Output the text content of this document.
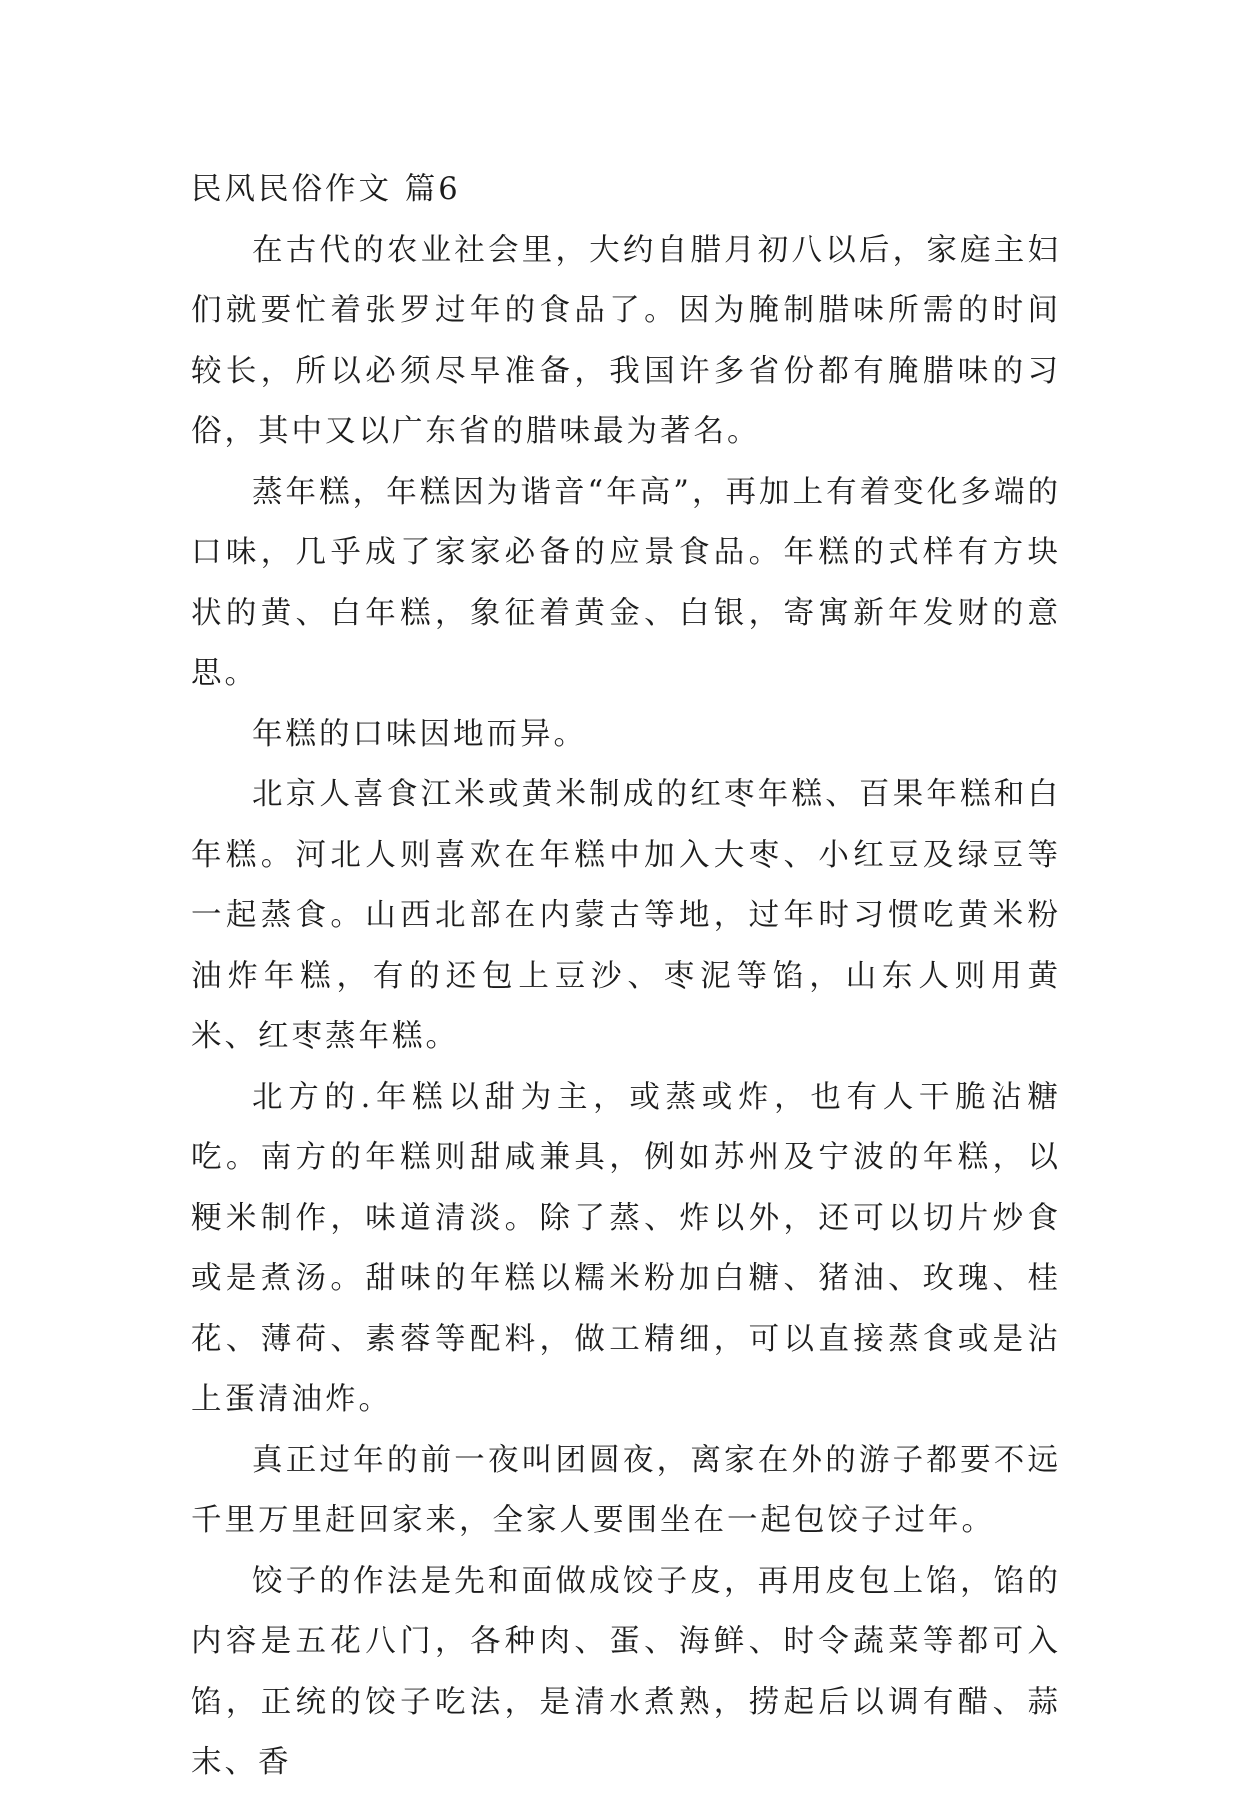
民风民俗作文 篇6

在古代的农业社会里，大约自腊月初八以后，家庭主妇们就要忙着张罗过年的食品了。因为腌制腊味所需的时间较长，所以必须尽早准备，我国许多省份都有腌腊味的习俗，其中又以广东省的腊味最为著名。

蒸年糕，年糕因为谐音“年高”，再加上有着变化多端的口味，几乎成了家家必备的应景食品。年糕的式样有方块状的黄、白年糕，象征着黄金、白银，寄寓新年发财的意思。

年糕的口味因地而异。

北京人喜食江米或黄米制成的红枣年糕、百果年糕和白年糕。河北人则喜欢在年糕中加入大枣、小红豆及绿豆等一起蒸食。山西北部在内蒙古等地，过年时习惯吃黄米粉油炸年糕，有的还包上豆沙、枣泥等馅，山东人则用黄米、红枣蒸年糕。

北方的.年糕以甜为主，或蒸或炸，也有人干脆沾糖吃。南方的年糕则甜咸兼具，例如苏州及宁波的年糕，以粳米制作，味道清淡。除了蒸、炸以外，还可以切片炒食或是煮汤。甜味的年糕以糯米粉加白糖、猪油、玫瑰、桂花、薄荷、素蓉等配料，做工精细，可以直接蒸食或是沾上蛋清油炸。

真正过年的前一夜叫团圆夜，离家在外的游子都要不远千里万里赶回家来，全家人要围坐在一起包饺子过年。

饺子的作法是先和面做成饺子皮，再用皮包上馅，馅的内容是五花八门，各种肉、蛋、海鲜、时令蔬菜等都可入馅，正统的饺子吃法，是清水煮熟，捞起后以调有醋、蒜末、香
